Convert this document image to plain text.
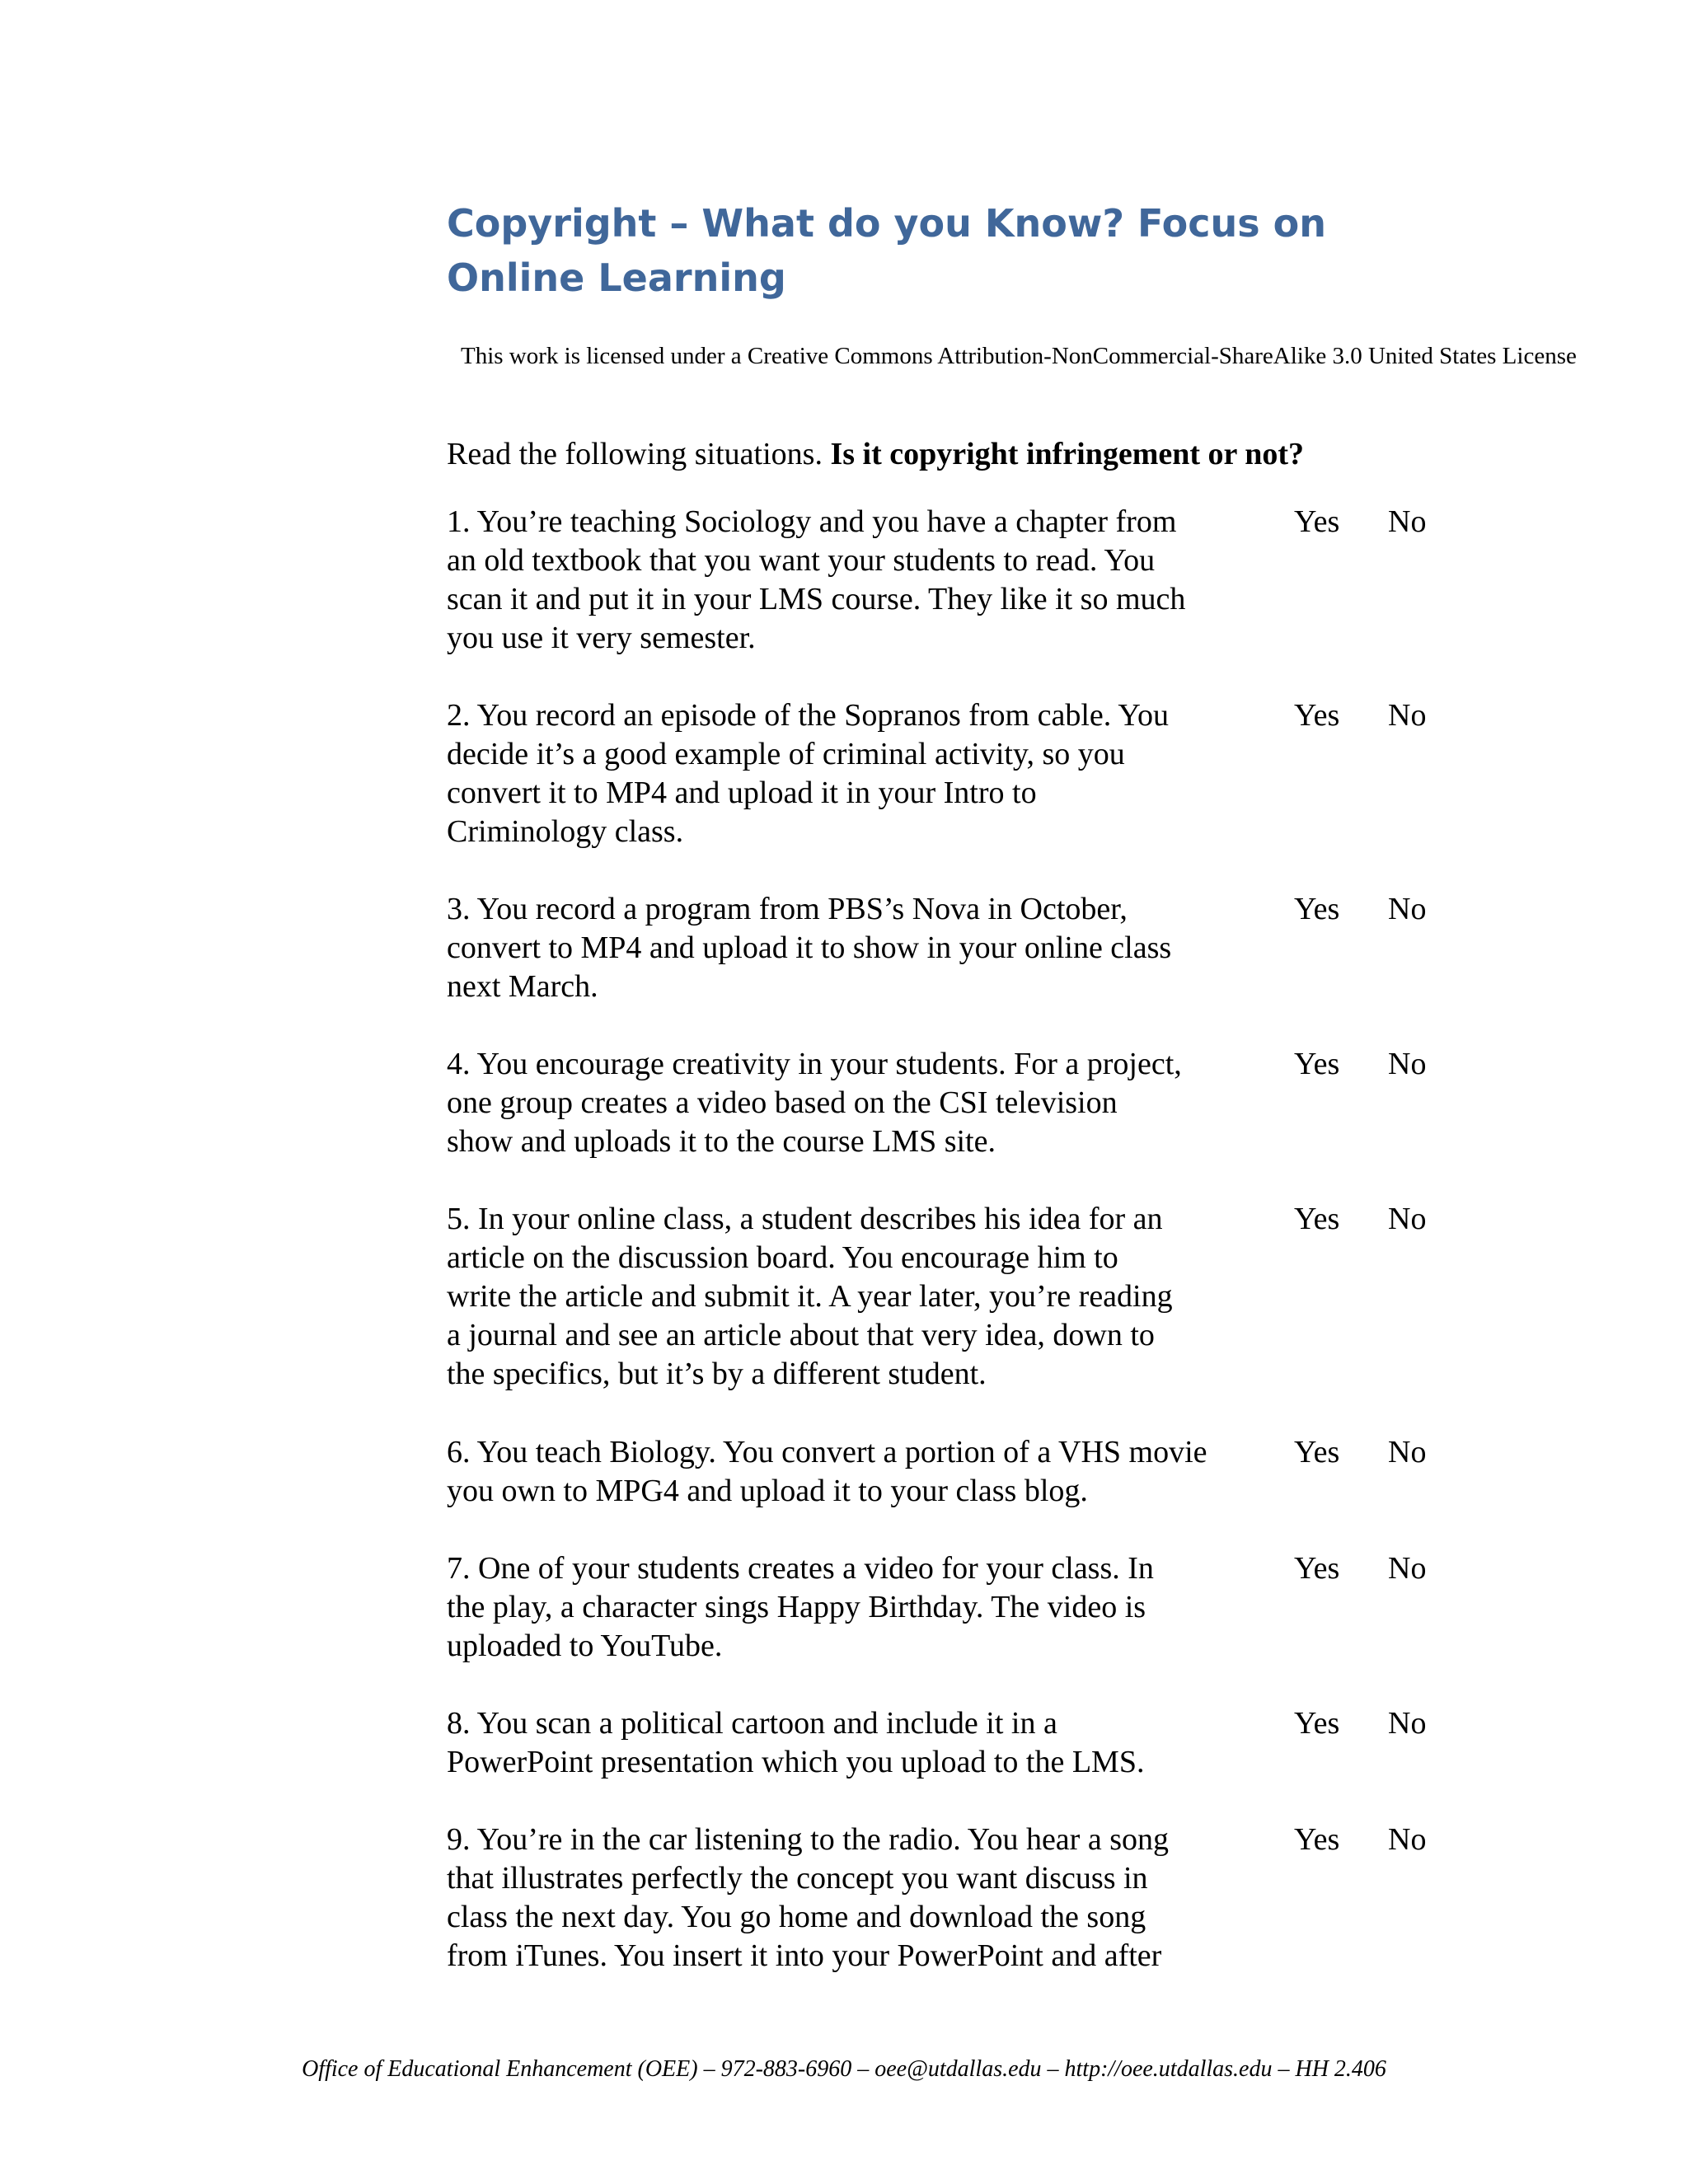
Copyright – What do you Know? Focus on Online Learning
This work is licensed under a Creative Commons Attribution-NonCommercial-ShareAlike 3.0 United States License
Read the following situations. Is it copyright infringement or not?
1. You’re teaching Sociology and you have a chapter from
an old textbook that you want your students to read. You
scan it and put it in your LMS course. They like it so much
you use it very semester.
Yes No
2. You record an episode of the Sopranos from cable. You
decide it’s a good example of criminal activity, so you
convert it to MP4 and upload it in your Intro to
Criminology class.
Yes No
3. You record a program from PBS’s Nova in October,
convert to MP4 and upload it to show in your online class
next March.
Yes No
4. You encourage creativity in your students. For a project,
one group creates a video based on the CSI television
show and uploads it to the course LMS site.
Yes No
5. In your online class, a student describes his idea for an
article on the discussion board. You encourage him to
write the article and submit it. A year later, you’re reading
a journal and see an article about that very idea, down to
the specifics, but it’s by a different student.
Yes No
6. You teach Biology. You convert a portion of a VHS movie
you own to MPG4 and upload it to your class blog.
Yes No
7. One of your students creates a video for your class. In
the play, a character sings Happy Birthday. The video is
uploaded to YouTube.
Yes No
8. You scan a political cartoon and include it in a
PowerPoint presentation which you upload to the LMS.
Yes No
9. You’re in the car listening to the radio. You hear a song
that illustrates perfectly the concept you want discuss in
class the next day. You go home and download the song
from iTunes. You insert it into your PowerPoint and after
Yes No
Office of Educational Enhancement (OEE) – 972-883-6960 – oee@utdallas.edu – http://oee.utdallas.edu – HH 2.406
